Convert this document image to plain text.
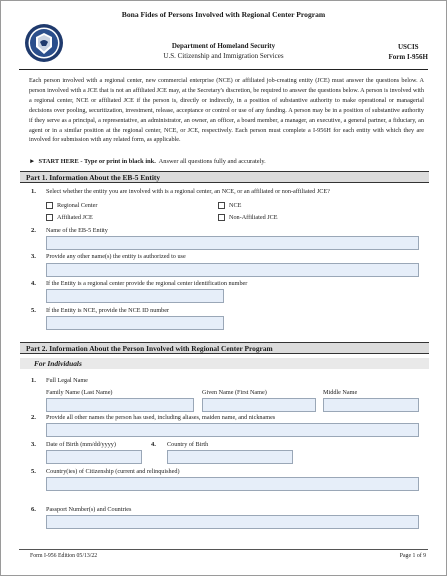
Bona Fides of Persons Involved with Regional Center Program
Department of Homeland Security
U.S. Citizenship and Immigration Services
USCIS
Form I-956H
Each person involved with a regional center, new commercial enterprise (NCE) or affiliated job-creating entity (JCE) must answer the questions below. A person involved with a JCE that is not an affiliated JCE may, at the Secretary's discretion, be required to answer the questions below. A person is involved with a regional center, NCE or affiliated JCE if the person is, directly or indirectly, in a position of substantive authority to make operational or managerial decisions over pooling, securitization, investment, release, acceptance or control or use of any funding. A person may be in a position of substantive authority if they serve as a principal, a representative, an administrator, an owner, an officer, a board member, a manager, an executive, a general partner, a fiduciary, an agent or in a similar position at the regional center, NCE, or JCE, respectively. Each person must complete a I-956H for each entity with which they are involved for submission with any related form, as applicable.
► START HERE - Type or print in black ink. Answer all questions fully and accurately.
Part 1. Information About the EB-5 Entity
1. Select whether the entity you are involved with is a regional center, an NCE, or an affiliated or non-affiliated JCE?
Regional Center	NCE
Affiliated JCE	Non-Affiliated JCE
2. Name of the EB-5 Entity
3. Provide any other name(s) the entity is authorized to use
4. If the Entity is a regional center provide the regional center identification number
5. If the Entity is NCE, provide the NCE ID number
Part 2. Information About the Person Involved with Regional Center Program
For Individuals
1. Full Legal Name
Family Name (Last Name)	Given Name (First Name)	Middle Name
2. Provide all other names the person has used, including aliases, maiden name, and nicknames
3. Date of Birth (mm/dd/yyyy)	4. Country of Birth
5. Country(ies) of Citizenship (current and relinquished)
6. Passport Number(s) and Countries
Form I-956 Edition 05/13/22	Page 1 of 9
